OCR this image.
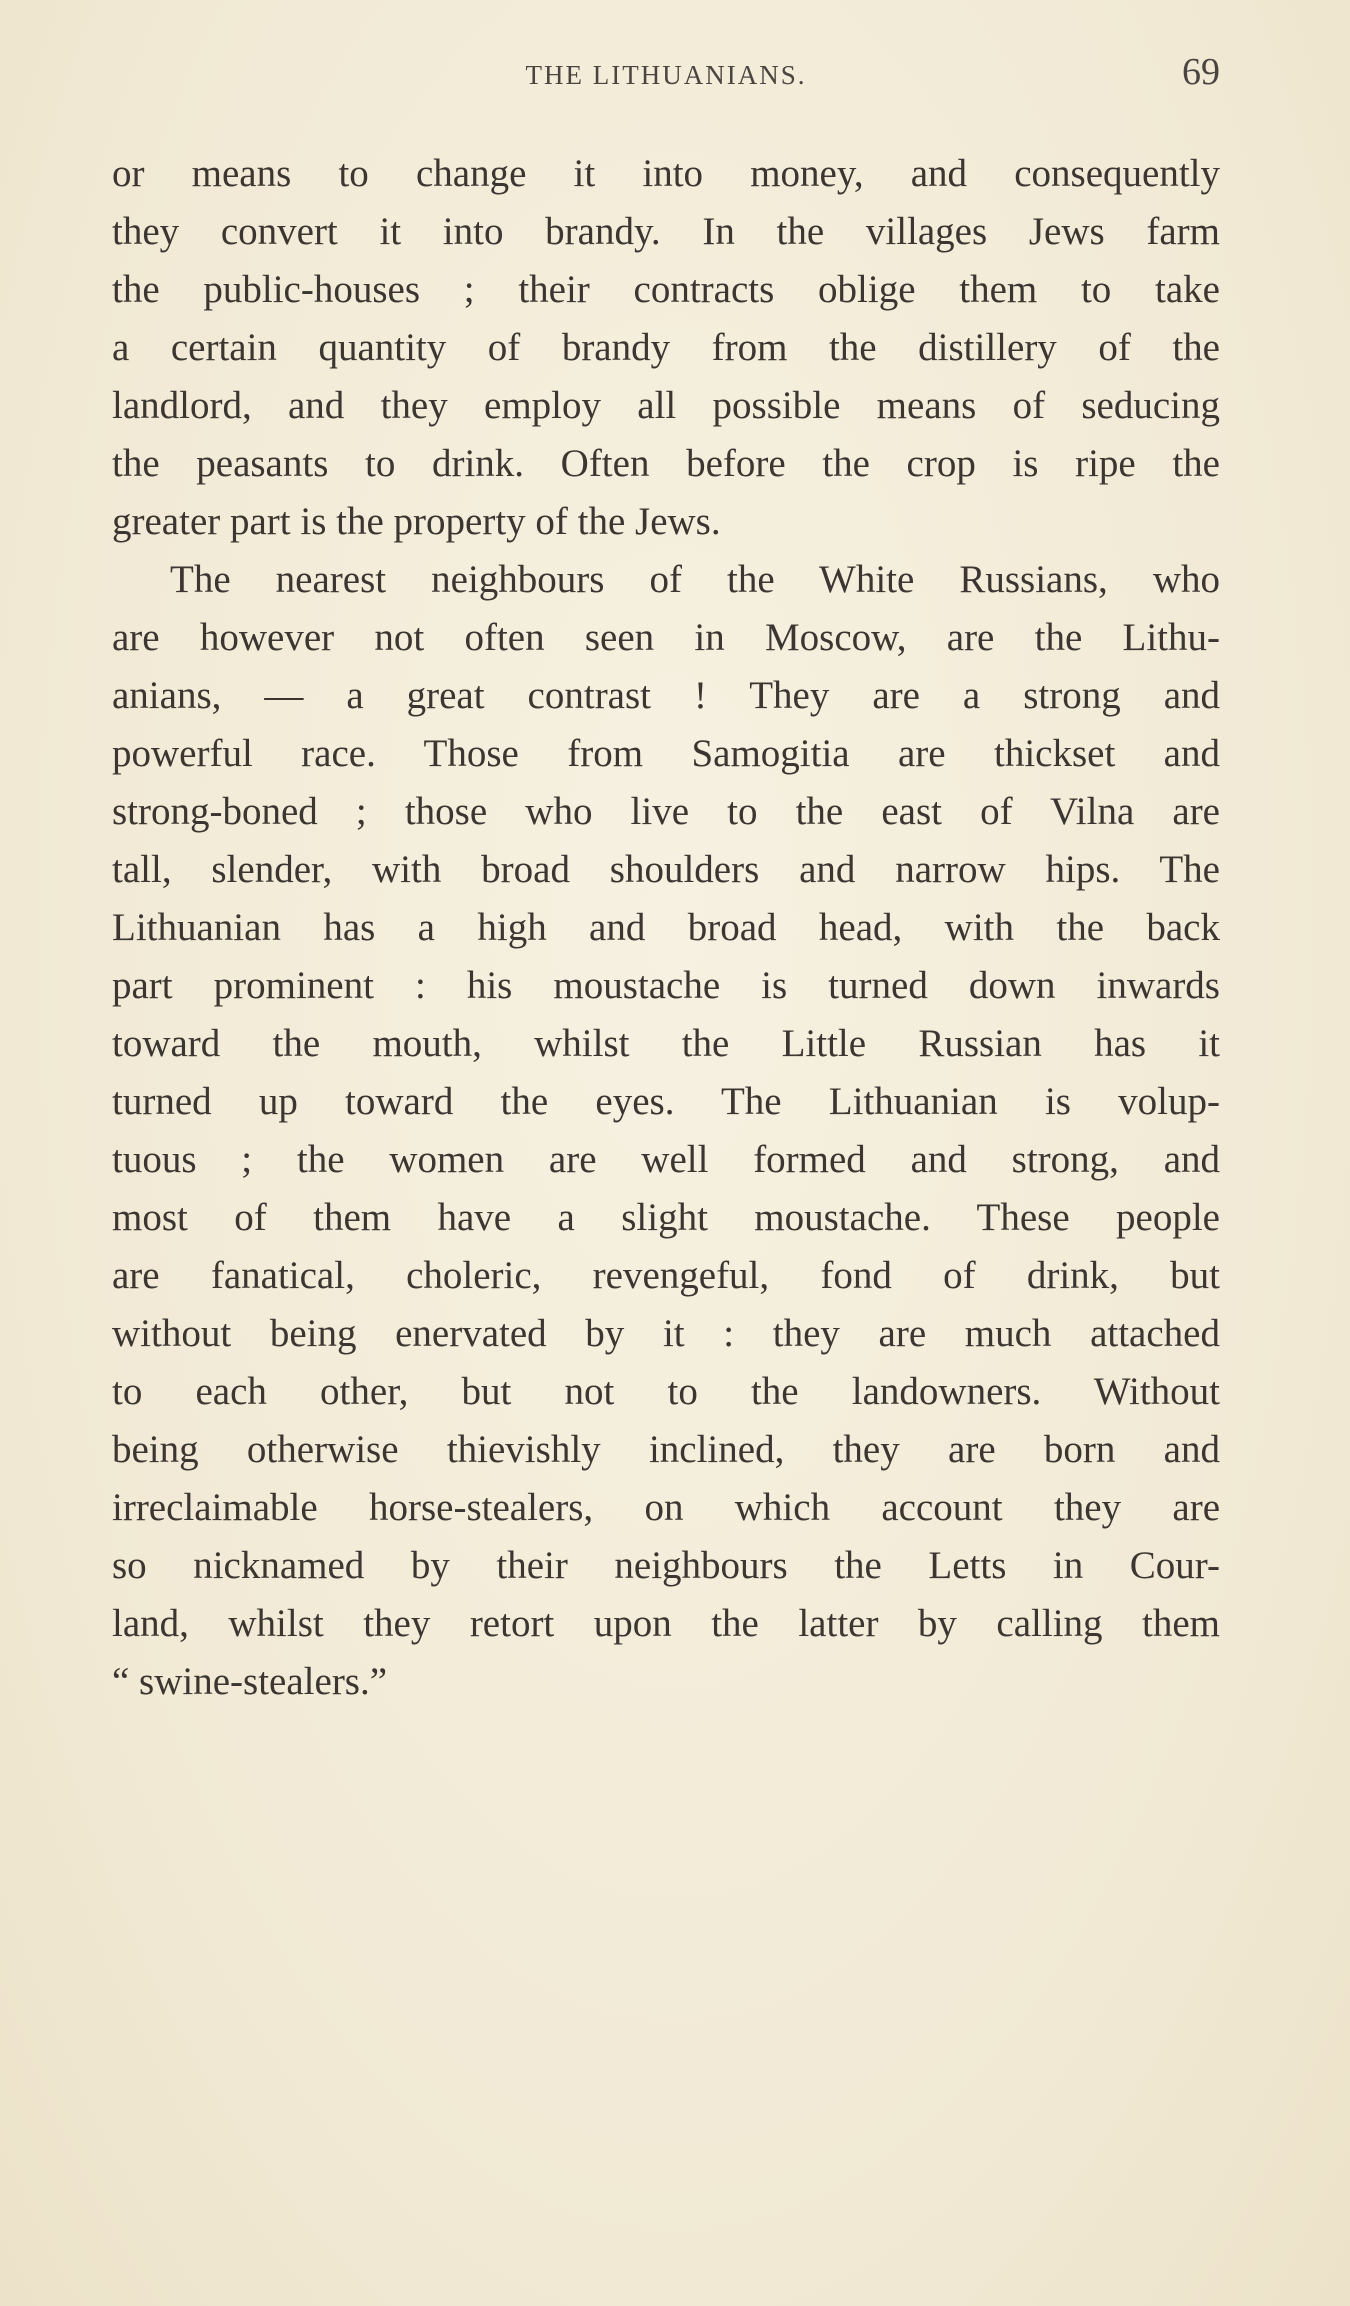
THE LITHUANIANS.	69
or means to change it into money, and consequently
they convert it into brandy. In the villages Jews farm
the public-houses ; their contracts oblige them to take
a certain quantity of brandy from the distillery of the
landlord, and they employ all possible means of seducing
the peasants to drink. Often before the crop is ripe the
greater part is the property of the Jews.
The nearest neighbours of the White Russians, who
are however not often seen in Moscow, are the Lithu-
anians, — a great contrast ! They are a strong and
powerful race. Those from Samogitia are thickset and
strong-boned ; those who live to the east of Vilna are
tall, slender, with broad shoulders and narrow hips. The
Lithuanian has a high and broad head, with the back
part prominent : his moustache is turned down inwards
toward the mouth, whilst the Little Russian has it
turned up toward the eyes. The Lithuanian is volup-
tuous ; the women are well formed and strong, and
most of them have a slight moustache. These people
are fanatical, choleric, revengeful, fond of drink, but
without being enervated by it : they are much attached
to each other, but not to the landowners. Without
being otherwise thievishly inclined, they are born and
irreclaimable horse-stealers, on which account they are
so nicknamed by their neighbours the Letts in Cour-
land, whilst they retort upon the latter by calling them
“ swine-stealers.”
